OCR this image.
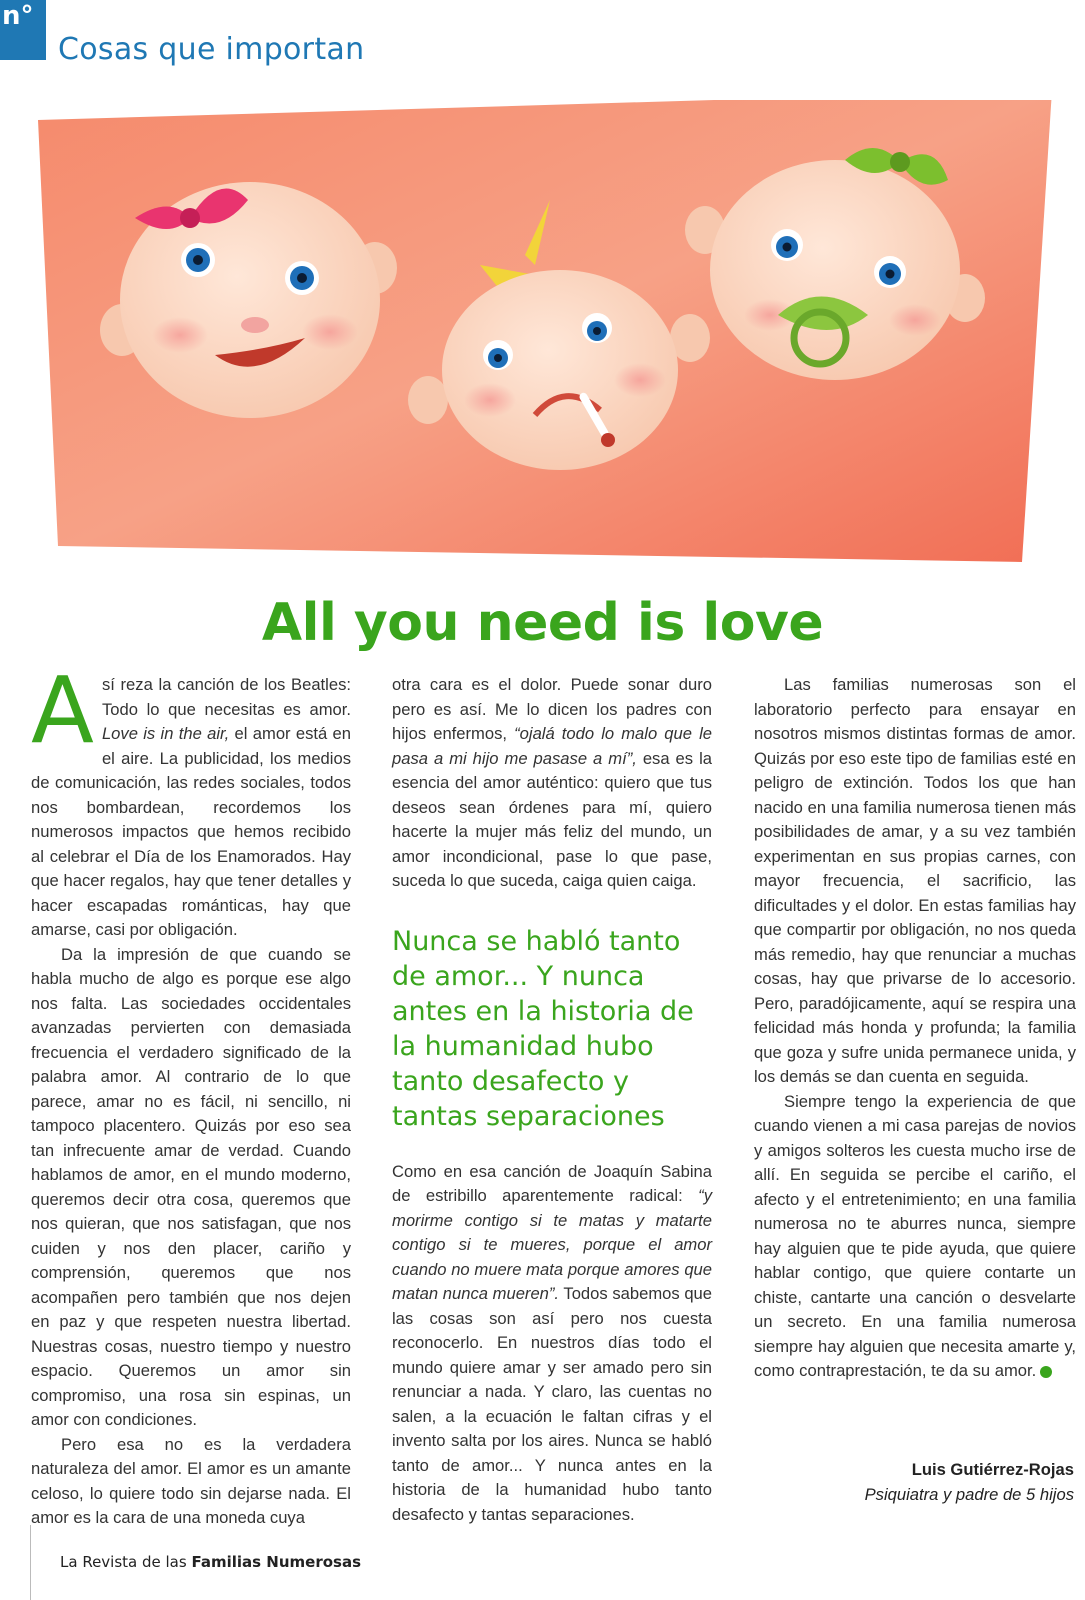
n°
Cosas que importan
All you need is love

Así reza la canción de los Beatles: Todo lo que necesitas es amor. Love is in the air, el amor está en el aire. La publicidad, los medios de comunicación, las redes sociales, todos nos bombardean, recordemos los numerosos impactos que hemos recibido al celebrar el Día de los Enamorados. Hay que hacer regalos, hay que tener detalles y hacer escapadas románticas, hay que amarse, casi por obligación.

Da la impresión de que cuando se habla mucho de algo es porque ese algo nos falta. Las sociedades occidentales avanzadas pervierten con demasiada frecuencia el verdadero significado de la palabra amor. Al contrario de lo que parece, amar no es fácil, ni sencillo, ni tampoco placentero. Quizás por eso sea tan infrecuente amar de verdad. Cuando hablamos de amor, en el mundo moderno, queremos decir otra cosa, queremos que nos quieran, que nos satisfagan, que nos cuiden y nos den placer, cariño y comprensión, queremos que nos acompañen pero también que nos dejen en paz y que respeten nuestra libertad. Nuestras cosas, nuestro tiempo y nuestro espacio. Queremos un amor sin compromiso, una rosa sin espinas, un amor con condiciones.

Pero esa no es la verdadera naturaleza del amor. El amor es un amante celoso, lo quiere todo sin dejarse nada. El amor es la cara de una moneda cuya

otra cara es el dolor. Puede sonar duro pero es así. Me lo dicen los padres con hijos enfermos, “ojalá todo lo malo que le pasa a mi hijo me pasase a mí”, esa es la esencia del amor auténtico: quiero que tus deseos sean órdenes para mí, quiero hacerte la mujer más feliz del mundo, un amor incondicional, pase lo que pase, suceda lo que suceda, caiga quien caiga.

Nunca se habló tanto de amor... Y nunca antes en la historia de la humanidad hubo tanto desafecto y tantas separaciones

Como en esa canción de Joaquín Sabina de estribillo aparentemente radical: “y morirme contigo si te matas y matarte contigo si te mueres, porque el amor cuando no muere mata porque amores que matan nunca mueren”. Todos sabemos que las cosas son así pero nos cuesta reconocerlo. En nuestros días todo el mundo quiere amar y ser amado pero sin renunciar a nada. Y claro, las cuentas no salen, a la ecuación le faltan cifras y el invento salta por los aires. Nunca se habló tanto de amor... Y nunca antes en la historia de la humanidad hubo tanto desafecto y tantas separaciones.

Las familias numerosas son el laboratorio perfecto para ensayar en nosotros mismos distintas formas de amor. Quizás por eso este tipo de familias esté en peligro de extinción. Todos los que han nacido en una familia numerosa tienen más posibilidades de amar, y a su vez también experimentan en sus propias carnes, con mayor frecuencia, el sacrificio, las dificultades y el dolor. En estas familias hay que compartir por obligación, no nos queda más remedio, hay que renunciar a muchas cosas, hay que privarse de lo accesorio. Pero, paradójicamente, aquí se respira una felicidad más honda y profunda; la familia que goza y sufre unida permanece unida, y los demás se dan cuenta en seguida.

Siempre tengo la experiencia de que cuando vienen a mi casa parejas de novios y amigos solteros les cuesta mucho irse de allí. En seguida se percibe el cariño, el afecto y el entretenimiento; en una familia numerosa no te aburres nunca, siempre hay alguien que te pide ayuda, que quiere hablar contigo, que quiere contarte un chiste, cantarte una canción o desvelarte un secreto. En una familia numerosa siempre hay alguien que necesita amarte y, como contraprestación, te da su amor.

Luis Gutiérrez-Rojas
Psiquiatra y padre de 5 hijos
La Revista de las Familias Numerosas
